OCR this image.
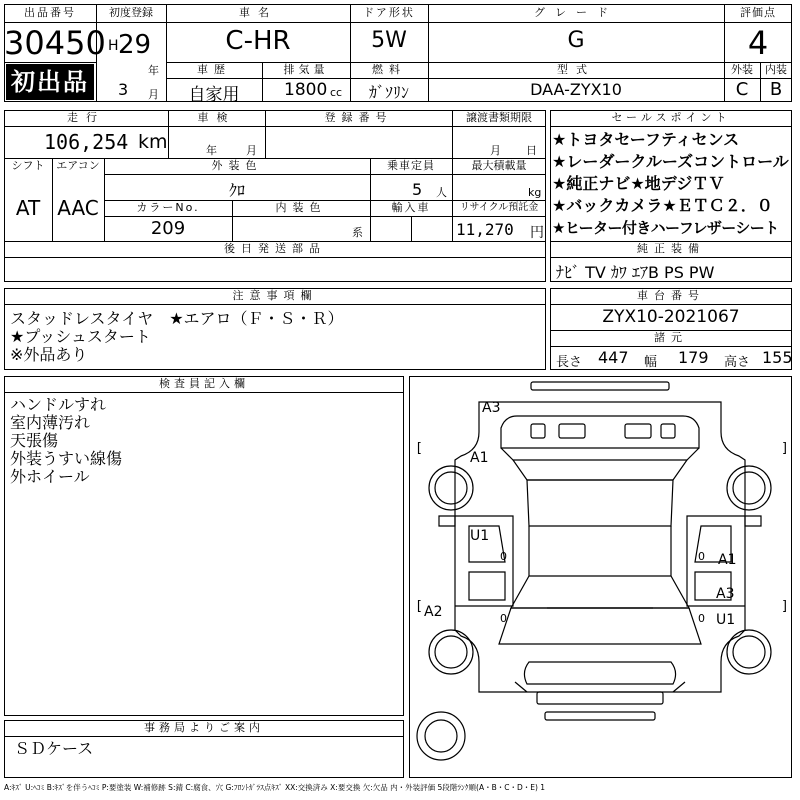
出品番号
30450
初出品
初度登録
H 29
年
3 月
車名
C-HR
ドア形状
5W
グレード
G
評価点
4
車歴
自家用
排気量
1800 cc
燃料
ｶﾞｿﾘﾝ
型式
DAA-ZYX10
外装	内装
C	B
走行
106,254 km
車検
年	月
登録番号	譲渡書類期限
月 日
シフト
AT
エアコン
AAC
外装色
ｸﾛ
乗車定員
5 人
最大積載量
kg
カラーNo.
209
内装色
系
輸入車	リサイクル預託金
11,270 円
後日発送部品
セールスポイント
★トヨタセーフティセンス
★レーダークルーズコントロール
★純正ナビ★地デジＴＶ
★バックカメラ★ＥＴＣ２．０
★ヒーター付きハーフレザーシート
純正装備
ﾅﾋﾞ TV ｶﾜ ｴｱB PS PW
注意事項欄
スタッドレスタイヤ　★エアロ（Ｆ・Ｓ・Ｒ）
★プッシュスタート
※外品あり
車台番号
ZYX10-2021067
諸元
長さ 447 幅 179 高さ 155
検査員記入欄
ハンドルすれ
室内薄汚れ
天張傷
外装うすい線傷
外ホイール
事務局よりご案内
ＳＤケース
[	]
[	]
A3
A1
U1
0
0
A2
0 A1
A3
U1
0
A:ｷｽﾞ U:ﾍｺﾐ B:ｷｽﾞを伴うﾍｺﾐ P:要塗装 W:補修跡 S:錆 C:腐食、穴 G:ﾌﾛﾝﾄｶﾞﾗｽ点ｷｽﾞ XX:交換済み X:要交換 欠:欠品 内・外装評価 5段階ﾗﾝｸ順(A・B・C・D・E) 1
